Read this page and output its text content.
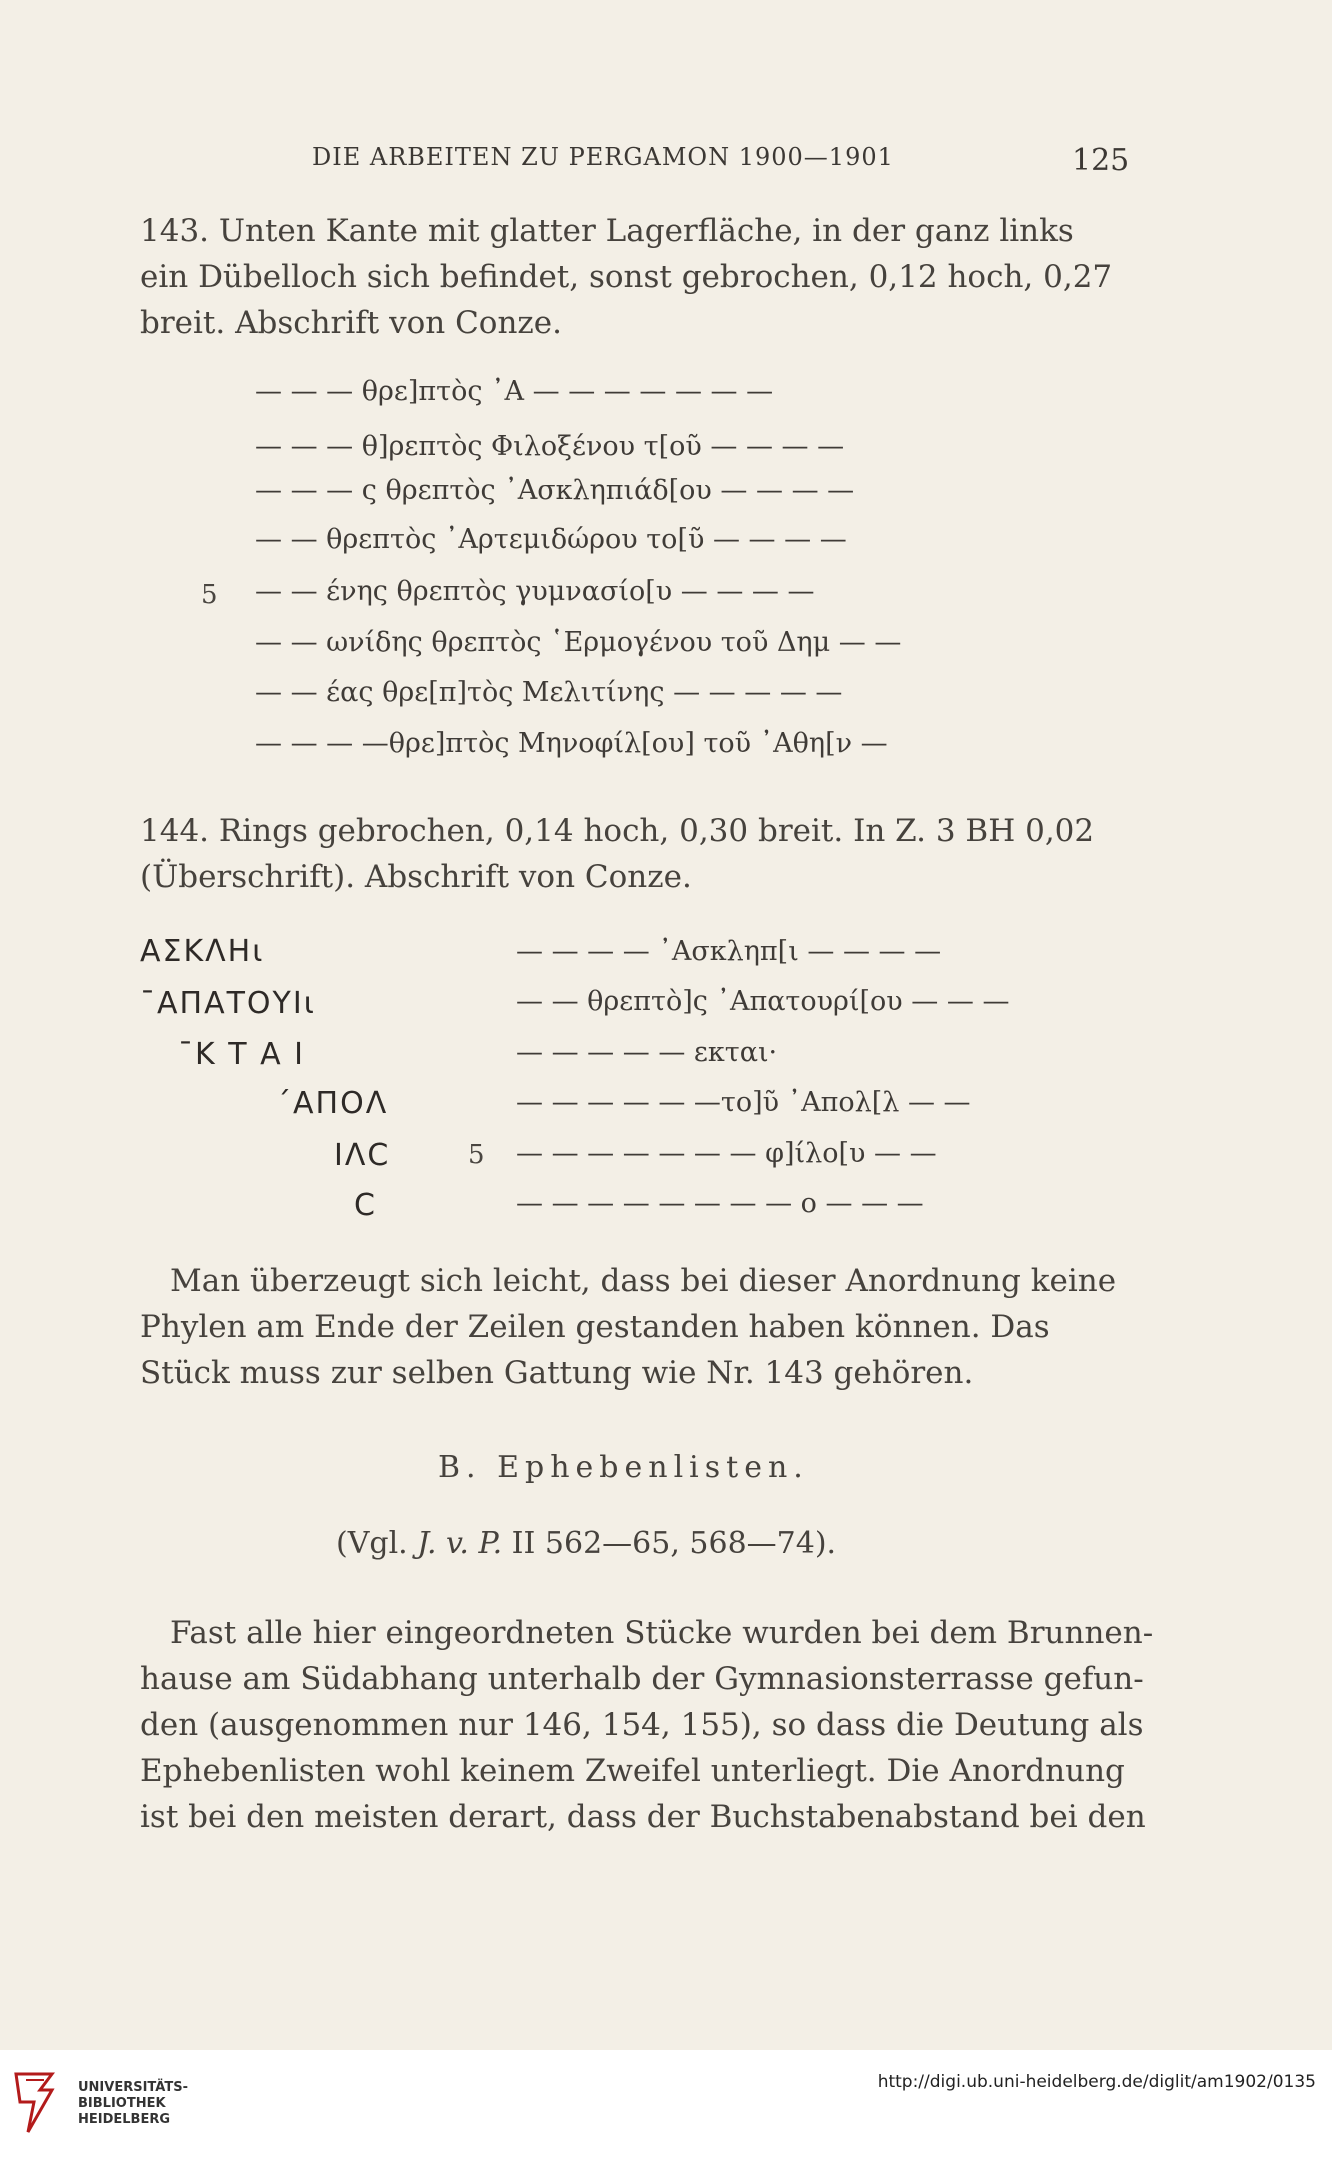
DIE ARBEITEN ZU PERGAMON 1900—1901	125

143. Unten Kante mit glatter Lagerfläche, in der ganz links

ein Dübelloch sich befindet, sonst gebrochen, 0,12 hoch, 0,27

breit. Abschrift von Conze.

— — — θρε]πτὸς ᾿Α — — — — — — —
— — — θ]ρεπτὸς Φιλοξένου τ[οῦ — — — —
— — — ς θρεπτὸς ᾿Ασκληπιάδ[ου — — — —
— — θρεπτὸς ᾿Αρτεμιδώρου το[ῦ — — — —
5 — — ένης θρεπτὸς γυμνασίο[υ — — — —
— — ωνίδης θρεπτὸς ῾Ερμογένου τοῦ Δημ — —
— — έας θρε[π]τὸς Μελιτίνης — — — — —
— — — —θρε]πτὸς Μηνοφίλ[ου] τοῦ ᾿Αθη[ν —

144. Rings gebrochen, 0,14 hoch, 0,30 breit. In Z. 3 BH 0,02

(Überschrift). Abschrift von Conze.

ΑΣΚΛΗι
¯ΑΠΑΤΟΥΙι
¯Κ Τ Α Ι
΄ΑΠΟΛ
ΙΛϹ
Ϲ
— — — — ᾿Ασκληπ[ι — — — —
— — θρεπτὸ]ς ᾿Απατουρί[ου — — —
— — — — — εκται·
— — — — — —το]ῦ ᾿Απολ[λ — —
5 — — — — — — — φ]ίλο[υ — —
— — — — — — — — ο — — —

Man überzeugt sich leicht, dass bei dieser Anordnung keine

Phylen am Ende der Zeilen gestanden haben können. Das

Stück muss zur selben Gattung wie Nr. 143 gehören.

B. Ephebenlisten.
(Vgl. J. v. P. II 562—65, 568—74).

Fast alle hier eingeordneten Stücke wurden bei dem Brunnen-

hause am Südabhang unterhalb der Gymnasionsterrasse gefun-

den (ausgenommen nur 146, 154, 155), so dass die Deutung als

Ephebenlisten wohl keinem Zweifel unterliegt. Die Anordnung

ist bei den meisten derart, dass der Buchstabenabstand bei den

UNIVERSITÄTS-
BIBLIOTHEK
HEIDELBERG
http://digi.ub.uni-heidelberg.de/diglit/am1902/0135
